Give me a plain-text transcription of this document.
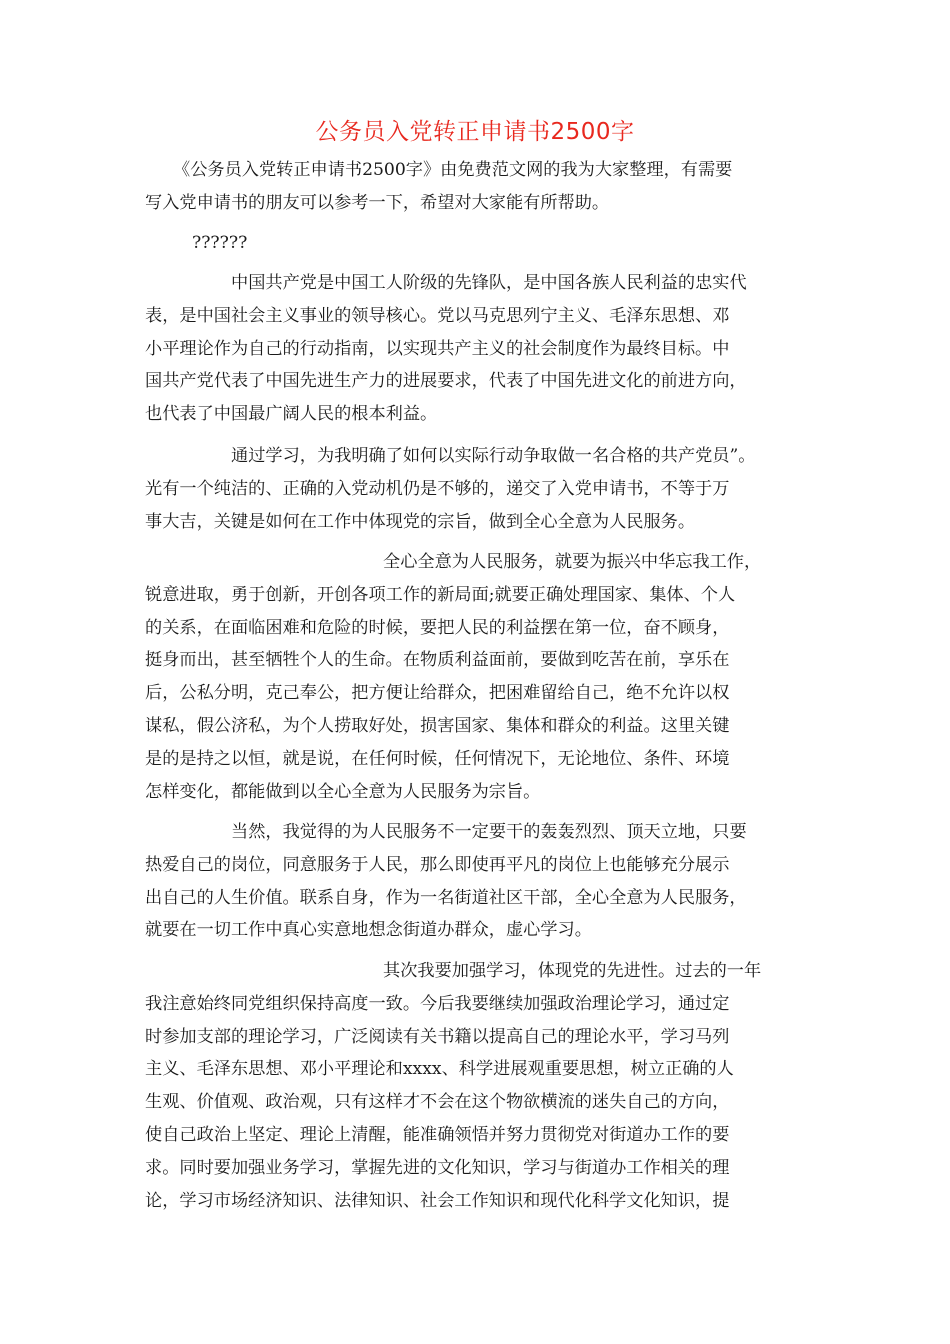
公务员入党转正申请书2500字
《公务员入党转正申请书2500字》由免费范文网的我为大家整理，有需要
写入党申请书的朋友可以参考一下，希望对大家能有所帮助。
??????
中国共产党是中国工人阶级的先锋队，是中国各族人民利益的忠实代
表，是中国社会主义事业的领导核心。党以马克思列宁主义、毛泽东思想、邓
小平理论作为自己的行动指南，以实现共产主义的社会制度作为最终目标。中
国共产党代表了中国先进生产力的进展要求，代表了中国先进文化的前进方向，
也代表了中国最广阔人民的根本利益。
通过学习，为我明确了如何以实际行动争取做一名合格的共产党员”。
光有一个纯洁的、正确的入党动机仍是不够的，递交了入党申请书，不等于万
事大吉，关键是如何在工作中体现党的宗旨，做到全心全意为人民服务。
全心全意为人民服务，就要为振兴中华忘我工作，
锐意进取，勇于创新，开创各项工作的新局面;就要正确处理国家、集体、个人
的关系，在面临困难和危险的时候，要把人民的利益摆在第一位，奋不顾身，
挺身而出，甚至牺牲个人的生命。在物质利益面前，要做到吃苦在前，享乐在
后，公私分明，克己奉公，把方便让给群众，把困难留给自己，绝不允许以权
谋私，假公济私，为个人捞取好处，损害国家、集体和群众的利益。这里关键
是的是持之以恒，就是说，在任何时候，任何情况下，无论地位、条件、环境
怎样变化，都能做到以全心全意为人民服务为宗旨。
当然，我觉得的为人民服务不一定要干的轰轰烈烈、顶天立地，只要
热爱自己的岗位，同意服务于人民，那么即使再平凡的岗位上也能够充分展示
出自己的人生价值。联系自身，作为一名街道社区干部，全心全意为人民服务，
就要在一切工作中真心实意地想念街道办群众，虚心学习。
其次我要加强学习，体现党的先进性。过去的一年
我注意始终同党组织保持高度一致。今后我要继续加强政治理论学习，通过定
时参加支部的理论学习，广泛阅读有关书籍以提高自己的理论水平，学习马列
主义、毛泽东思想、邓小平理论和xxxx、科学进展观重要思想，树立正确的人
生观、价值观、政治观，只有这样才不会在这个物欲横流的迷失自己的方向，
使自己政治上坚定、理论上清醒，能准确领悟并努力贯彻党对街道办工作的要
求。同时要加强业务学习，掌握先进的文化知识，学习与街道办工作相关的理
论，学习市场经济知识、法律知识、社会工作知识和现代化科学文化知识，提
